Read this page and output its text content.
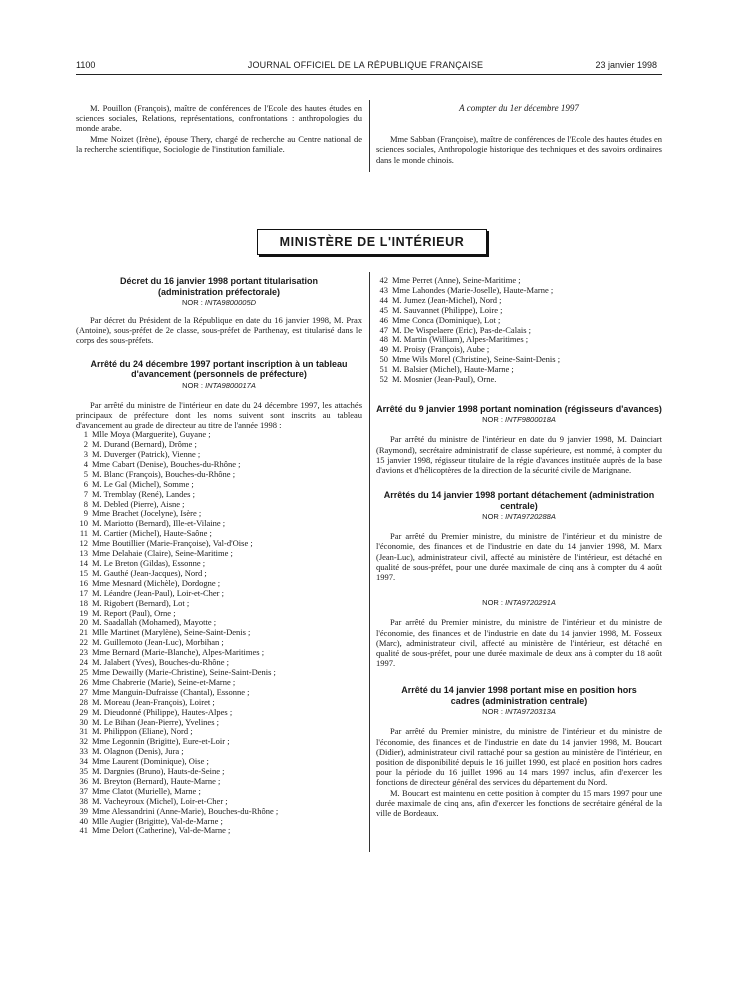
1100	JOURNAL OFFICIEL DE LA RÉPUBLIQUE FRANÇAISE	23 janvier 1998

M. Pouillon (François), maître de conférences de l'Ecole des hautes études en sciences sociales, Relations, représentations, confrontations : anthropologies du monde arabe.

Mme Noizet (Irène), épouse Thery, chargé de recherche au Centre national de la recherche scientifique, Sociologie de l'institution familiale.

A compter du 1er décembre 1997

Mme Sabban (Françoise), maître de conférences de l'Ecole des hautes études en sciences sociales, Anthropologie historique des techniques et des savoirs ordinaires dans le monde chinois.

MINISTÈRE DE L'INTÉRIEUR
Décret du 16 janvier 1998 portant titularisation (administration préfectorale)
NOR : INTA9800005D

Par décret du Président de la République en date du 16 janvier 1998, M. Prax (Antoine), sous-préfet de 2e classe, sous-préfet de Parthenay, est titularisé dans le corps des sous-préfets.

Arrêté du 24 décembre 1997 portant inscription à un tableau d'avancement (personnels de préfecture)
NOR : INTA9800017A

Par arrêté du ministre de l'intérieur en date du 24 décembre 1997, les attachés principaux de préfecture dont les noms suivent sont inscrits au tableau d'avancement au grade de directeur au titre de l'année 1998 :

1 Mlle Moya (Marguerite), Guyane ;
2 M. Durand (Bernard), Drôme ;
3 M. Duverger (Patrick), Vienne ;
4 Mme Cabart (Denise), Bouches-du-Rhône ;
5 M. Blanc (François), Bouches-du-Rhône ;
6 M. Le Gal (Michel), Somme ;
7 M. Tremblay (René), Landes ;
8 M. Debled (Pierre), Aisne ;
9 Mme Brachet (Jocelyne), Isère ;
10 M. Mariotto (Bernard), Ille-et-Vilaine ;
11 M. Cartier (Michel), Haute-Saône ;
12 Mme Boutillier (Marie-Françoise), Val-d'Oise ;
13 Mme Delahaie (Claire), Seine-Maritime ;
14 M. Le Breton (Gildas), Essonne ;
15 M. Gauthé (Jean-Jacques), Nord ;
16 Mme Mesnard (Michèle), Dordogne ;
17 M. Léandre (Jean-Paul), Loir-et-Cher ;
18 M. Rigobert (Bernard), Lot ;
19 M. Report (Paul), Orne ;
20 M. Saadallah (Mohamed), Mayotte ;
21 Mlle Martinet (Marylène), Seine-Saint-Denis ;
22 M. Guillemoto (Jean-Luc), Morbihan ;
23 Mme Bernard (Marie-Blanche), Alpes-Maritimes ;
24 M. Jalabert (Yves), Bouches-du-Rhône ;
25 Mme Dewailly (Marie-Christine), Seine-Saint-Denis ;
26 Mme Chabrerie (Marie), Seine-et-Marne ;
27 Mme Manguin-Dufraisse (Chantal), Essonne ;
28 M. Moreau (Jean-François), Loiret ;
29 M. Dieudonné (Philippe), Hautes-Alpes ;
30 M. Le Bihan (Jean-Pierre), Yvelines ;
31 M. Philippon (Eliane), Nord ;
32 Mme Legonnin (Brigitte), Eure-et-Loir ;
33 M. Olagnon (Denis), Jura ;
34 Mme Laurent (Dominique), Oise ;
35 M. Dargnies (Bruno), Hauts-de-Seine ;
36 M. Breyton (Bernard), Haute-Marne ;
37 Mme Clatot (Murielle), Marne ;
38 M. Vacheyroux (Michel), Loir-et-Cher ;
39 Mme Alessandrini (Anne-Marie), Bouches-du-Rhône ;
40 Mlle Augier (Brigitte), Val-de-Marne ;
41 Mme Delort (Catherine), Val-de-Marne ;
42 Mme Perret (Anne), Seine-Maritime ;
43 Mme Lahondes (Marie-Joselle), Haute-Marne ;
44 M. Jumez (Jean-Michel), Nord ;
45 M. Sauvannet (Philippe), Loire ;
46 Mme Conca (Dominique), Lot ;
47 M. De Wispelaere (Eric), Pas-de-Calais ;
48 M. Martin (William), Alpes-Maritimes ;
49 M. Proisy (François), Aube ;
50 Mme Wils Morel (Christine), Seine-Saint-Denis ;
51 M. Balsier (Michel), Haute-Marne ;
52 M. Mosnier (Jean-Paul), Orne.
Arrêté du 9 janvier 1998 portant nomination (régisseurs d'avances)
NOR : INTF9800018A

Par arrêté du ministre de l'intérieur en date du 9 janvier 1998, M. Dainciart (Raymond), secrétaire administratif de classe supérieure, est nommé, à compter du 15 janvier 1998, régisseur titulaire de la régie d'avances instituée auprès de la base d'avions et d'hélicoptères de la direction de la sécurité civile de Marignane.

Arrêtés du 14 janvier 1998 portant détachement (administration centrale)
NOR : INTA9720288A

Par arrêté du Premier ministre, du ministre de l'intérieur et du ministre de l'économie, des finances et de l'industrie en date du 14 janvier 1998, M. Marx (Jean-Luc), administrateur civil, affecté au ministère de l'intérieur, est détaché en qualité de sous-préfet, pour une durée maximale de cinq ans à compter du 4 août 1997.

NOR : INTA9720291A

Par arrêté du Premier ministre, du ministre de l'intérieur et du ministre de l'économie, des finances et de l'industrie en date du 14 janvier 1998, M. Fosseux (Marc), administrateur civil, affecté au ministère de l'intérieur, est détaché en qualité de sous-préfet, pour une durée maximale de deux ans à compter du 18 août 1997.

Arrêté du 14 janvier 1998 portant mise en position hors cadres (administration centrale)
NOR : INTA9720313A

Par arrêté du Premier ministre, du ministre de l'intérieur et du ministre de l'économie, des finances et de l'industrie en date du 14 janvier 1998, M. Boucart (Didier), administrateur civil rattaché pour sa gestion au ministère de l'intérieur, en position de disponibilité depuis le 16 juillet 1990, est placé en position hors cadres pour la période du 16 juillet 1996 au 14 mars 1997 inclus, afin d'exercer les fonctions de directeur général des services du département du Nord.

M. Boucart est maintenu en cette position à compter du 15 mars 1997 pour une durée maximale de cinq ans, afin d'exercer les fonctions de secrétaire général de la ville de Bordeaux.
